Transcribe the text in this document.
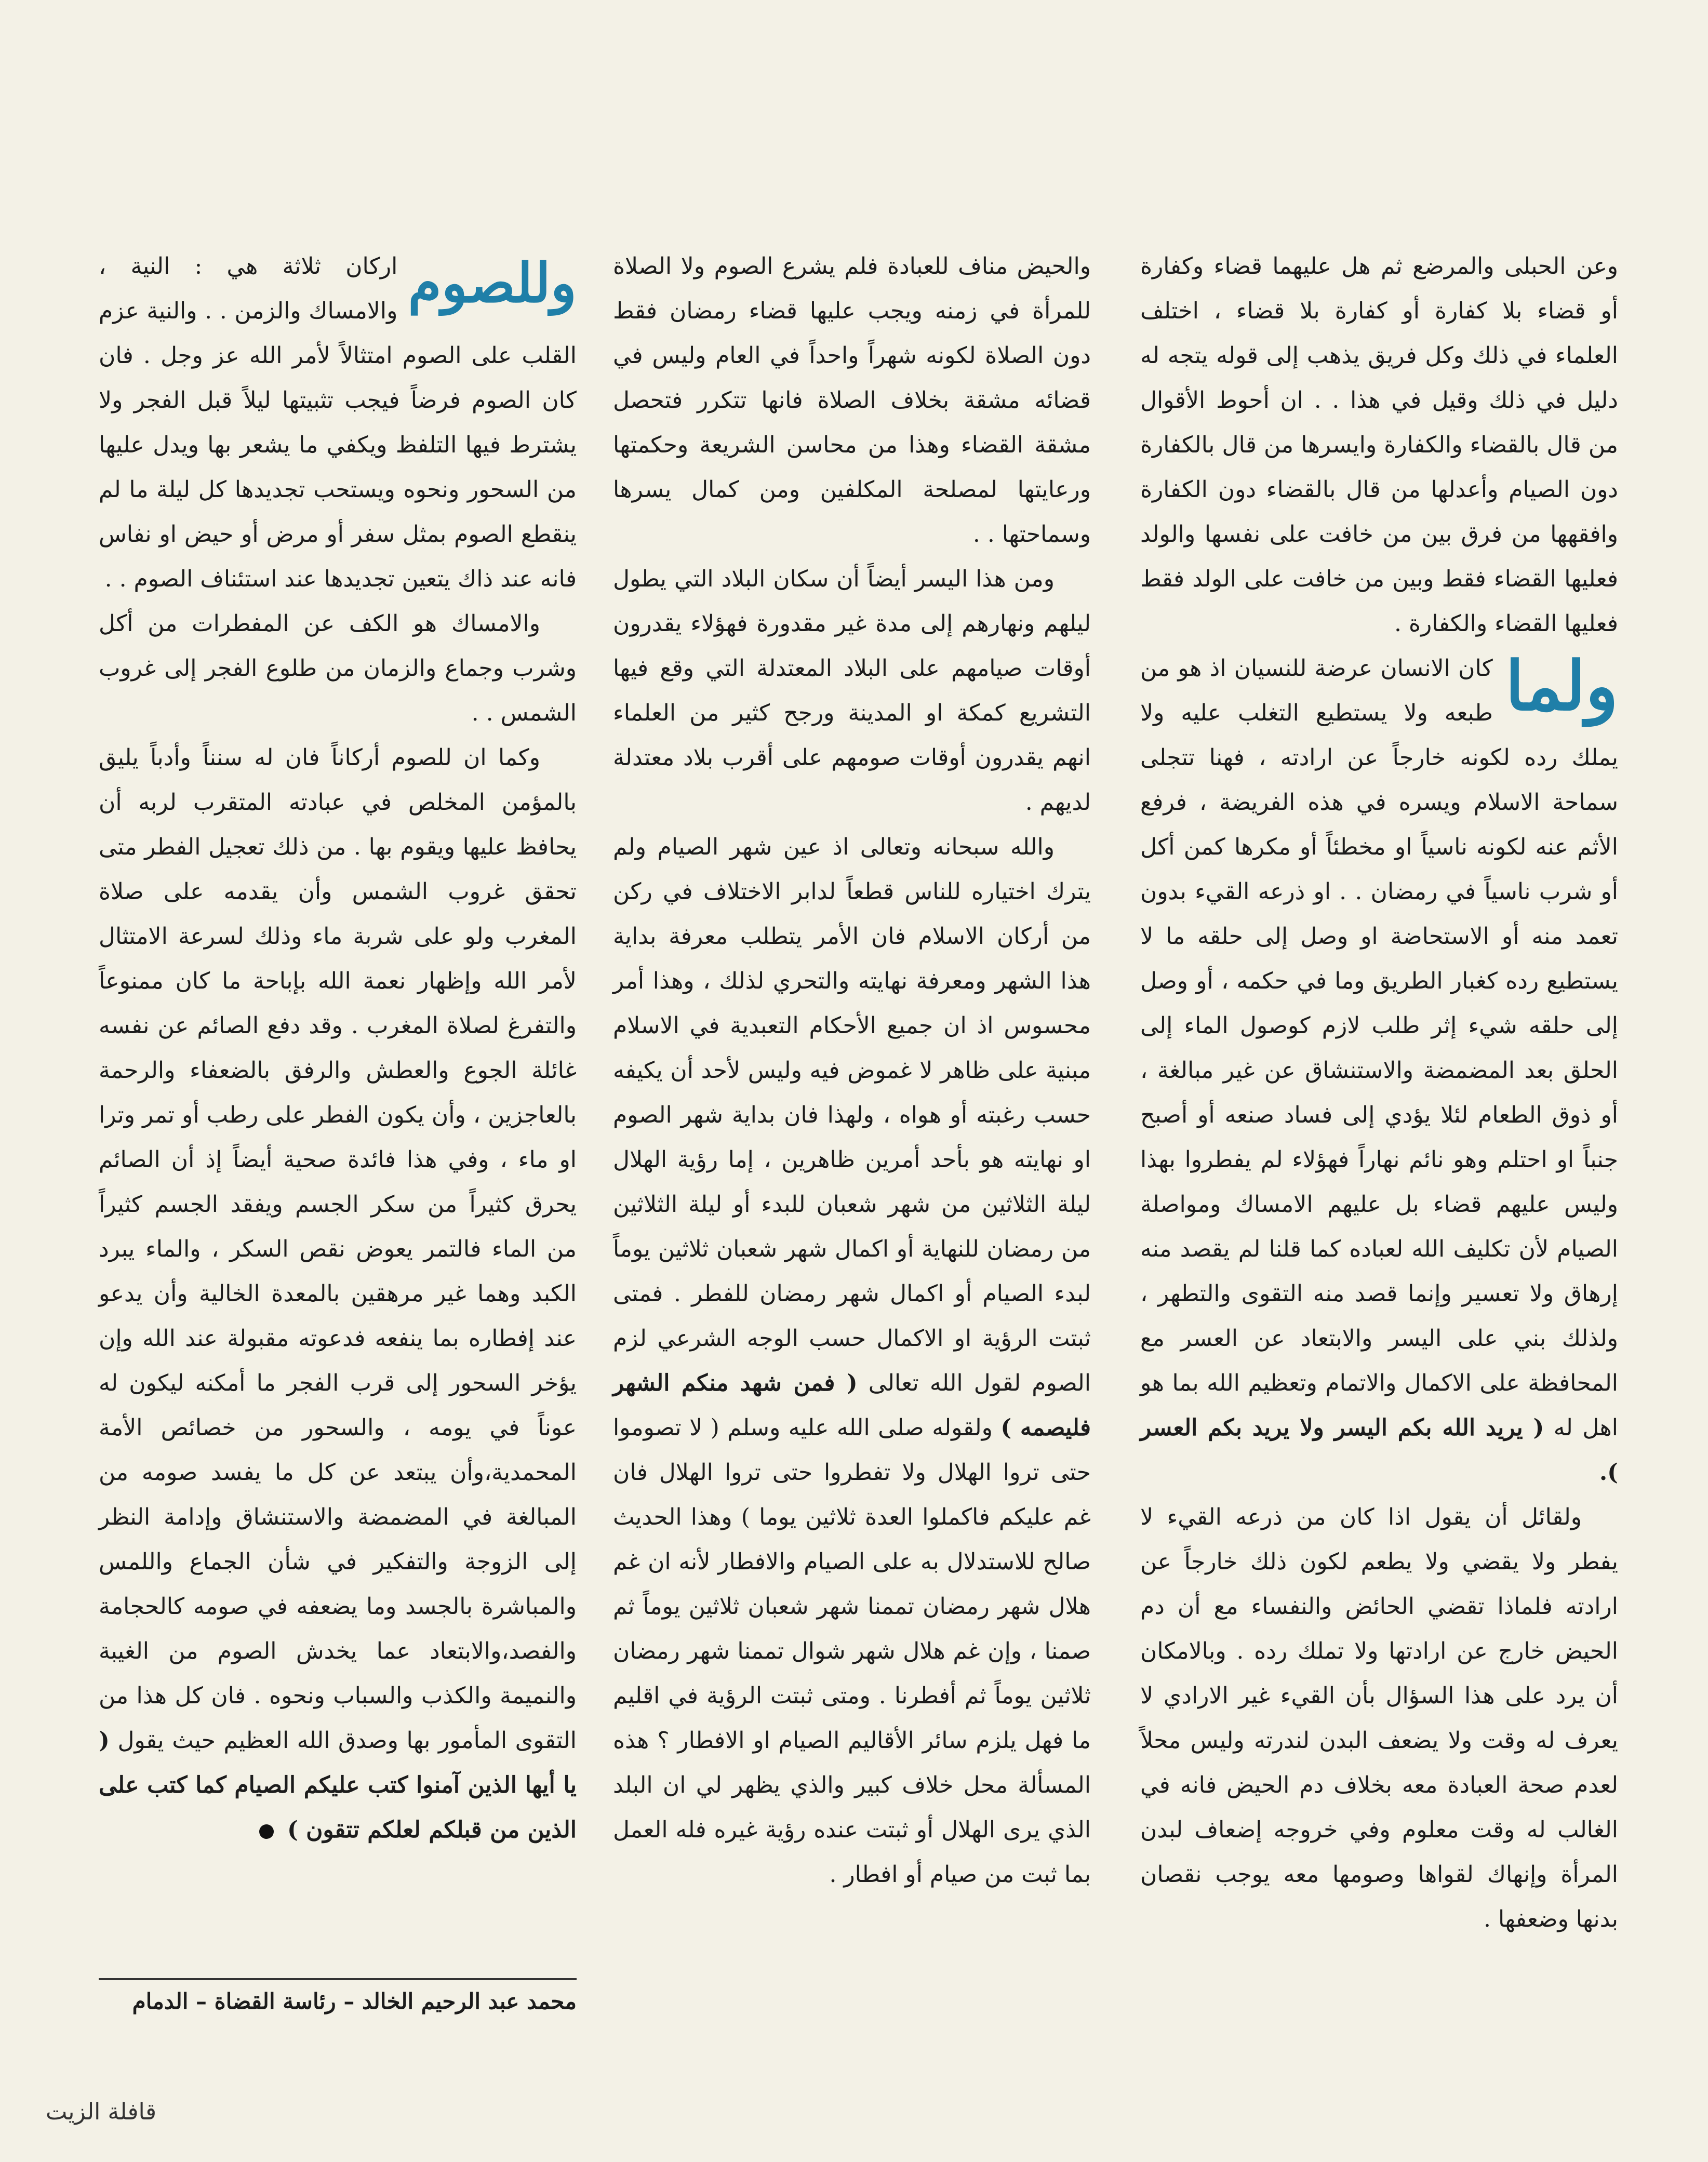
وعن الحبلى والمرضع ثم هل عليهما قضاء وكفارة أو قضاء بلا كفارة أو كفارة بلا قضاء ، اختلف العلماء في ذلك وكل فريق يذهب إلى قوله يتجه له دليل في ذلك وقيل في هذا . . ان أحوط الأقوال من قال بالقضاء والكفارة وايسرها من قال بالكفارة دون الصيام وأعدلها من قال بالقضاء دون الكفارة وافقهها من فرق بين من خافت على نفسها والولد فعليها القضاء فقط وبين من خافت على الولد فقط فعليها القضاء والكفارة .

ولما
كان الانسان عرضة للنسيان اذ هو من طبعه ولا يستطيع التغلب عليه ولا يملك رده لكونه خارجاً عن ارادته ، فهنا تتجلى سماحة الاسلام ويسره في هذه الفريضة ، فرفع الأثم عنه لكونه ناسياً او مخطئاً أو مكرها كمن أكل أو شرب ناسياً في رمضان . . او ذرعه القيء بدون تعمد منه أو الاستحاضة او وصل إلى حلقه ما لا يستطيع رده كغبار الطريق وما في حكمه ، أو وصل إلى حلقه شيء إثر طلب لازم كوصول الماء إلى الحلق بعد المضمضة والاستنشاق عن غير مبالغة ، أو ذوق الطعام لئلا يؤدي إلى فساد صنعه أو أصبح جنباً او احتلم وهو نائم نهاراً فهؤلاء لم يفطروا بهذا وليس عليهم قضاء بل عليهم الامساك ومواصلة الصيام لأن تكليف الله لعباده كما قلنا لم يقصد منه إرهاق ولا تعسير وإنما قصد منه التقوى والتطهر ، ولذلك بني على اليسر والابتعاد عن العسر مع المحافظة على الاكمال والاتمام وتعظيم الله بما هو اهل له ( يريد الله بكم اليسر ولا يريد بكم العسر ).

ولقائل أن يقول اذا كان من ذرعه القيء لا يفطر ولا يقضي ولا يطعم لكون ذلك خارجاً عن ارادته فلماذا تقضي الحائض والنفساء مع أن دم الحيض خارج عن ارادتها ولا تملك رده . وبالامكان أن يرد على هذا السؤال بأن القيء غير الارادي لا يعرف له وقت ولا يضعف البدن لندرته وليس محلاً لعدم صحة العبادة معه بخلاف دم الحيض فانه في الغالب له وقت معلوم وفي خروجه إضعاف لبدن المرأة وإنهاك لقواها وصومها معه يوجب نقصان بدنها وضعفها .

والحيض مناف للعبادة فلم يشرع الصوم ولا الصلاة للمرأة في زمنه ويجب عليها قضاء رمضان فقط دون الصلاة لكونه شهراً واحداً في العام وليس في قضائه مشقة بخلاف الصلاة فانها تتكرر فتحصل مشقة القضاء وهذا من محاسن الشريعة وحكمتها ورعايتها لمصلحة المكلفين ومن كمال يسرها وسماحتها . .

ومن هذا اليسر أيضاً أن سكان البلاد التي يطول ليلهم ونهارهم إلى مدة غير مقدورة فهؤلاء يقدرون أوقات صيامهم على البلاد المعتدلة التي وقع فيها التشريع كمكة او المدينة ورجح كثير من العلماء انهم يقدرون أوقات صومهم على أقرب بلاد معتدلة لديهم .

والله سبحانه وتعالى اذ عين شهر الصيام ولم يترك اختياره للناس قطعاً لدابر الاختلاف في ركن من أركان الاسلام فان الأمر يتطلب معرفة بداية هذا الشهر ومعرفة نهايته والتحري لذلك ، وهذا أمر محسوس اذ ان جميع الأحكام التعبدية في الاسلام مبنية على ظاهر لا غموض فيه وليس لأحد أن يكيفه حسب رغبته أو هواه ، ولهذا فان بداية شهر الصوم او نهايته هو بأحد أمرين ظاهرين ، إما رؤية الهلال ليلة الثلاثين من شهر شعبان للبدء أو ليلة الثلاثين من رمضان للنهاية أو اكمال شهر شعبان ثلاثين يوماً لبدء الصيام أو اكمال شهر رمضان للفطر . فمتى ثبتت الرؤية او الاكمال حسب الوجه الشرعي لزم الصوم لقول الله تعالى ( فمن شهد منكم الشهر فليصمه ) ولقوله صلى الله عليه وسلم ( لا تصوموا حتى تروا الهلال ولا تفطروا حتى تروا الهلال فان غم عليكم فاكملوا العدة ثلاثين يوما ) وهذا الحديث صالح للاستدلال به على الصيام والافطار لأنه ان غم هلال شهر رمضان تممنا شهر شعبان ثلاثين يوماً ثم صمنا ، وإن غم هلال شهر شوال تممنا شهر رمضان ثلاثين يوماً ثم أفطرنا . ومتى ثبتت الرؤية في اقليم ما فهل يلزم سائر الأقاليم الصيام او الافطار ؟ هذه المسألة محل خلاف كبير والذي يظهر لي ان البلد الذي يرى الهلال أو ثبتت عنده رؤية غيره فله العمل بما ثبت من صيام أو افطار .

وللصوم
اركان ثلاثة هي : النية ، والامساك والزمن . . والنية عزم القلب على الصوم امتثالاً لأمر الله عز وجل . فان كان الصوم فرضاً فيجب تثبيتها ليلاً قبل الفجر ولا يشترط فيها التلفظ ويكفي ما يشعر بها ويدل عليها من السحور ونحوه ويستحب تجديدها كل ليلة ما لم ينقطع الصوم بمثل سفر أو مرض أو حيض او نفاس فانه عند ذاك يتعين تجديدها عند استئناف الصوم . .

والامساك هو الكف عن المفطرات من أكل وشرب وجماع والزمان من طلوع الفجر إلى غروب الشمس . .

وكما ان للصوم أركاناً فان له سنناً وأدباً يليق بالمؤمن المخلص في عبادته المتقرب لربه أن يحافظ عليها ويقوم بها . من ذلك تعجيل الفطر متى تحقق غروب الشمس وأن يقدمه على صلاة المغرب ولو على شربة ماء وذلك لسرعة الامتثال لأمر الله وإظهار نعمة الله بإباحة ما كان ممنوعاً والتفرغ لصلاة المغرب . وقد دفع الصائم عن نفسه غائلة الجوع والعطش والرفق بالضعفاء والرحمة بالعاجزين ، وأن يكون الفطر على رطب أو تمر وترا او ماء ، وفي هذا فائدة صحية أيضاً إذ أن الصائم يحرق كثيراً من سكر الجسم ويفقد الجسم كثيراً من الماء فالتمر يعوض نقص السكر ، والماء يبرد الكبد وهما غير مرهقين بالمعدة الخالية وأن يدعو عند إفطاره بما ينفعه فدعوته مقبولة عند الله وإن يؤخر السحور إلى قرب الفجر ما أمكنه ليكون له عوناً في يومه ، والسحور من خصائص الأمة المحمدية،وأن يبتعد عن كل ما يفسد صومه من المبالغة في المضمضة والاستنشاق وإدامة النظر إلى الزوجة والتفكير في شأن الجماع واللمس والمباشرة بالجسد وما يضعفه في صومه كالحجامة والفصد،والابتعاد عما يخدش الصوم من الغيبة والنميمة والكذب والسباب ونحوه . فان كل هذا من التقوى المأمور بها وصدق الله العظيم حيث يقول ( يا أيها الذين آمنوا كتب عليكم الصيام كما كتب على الذين من قبلكم لعلكم تتقون )

محمد عبد الرحيم الخالد – رئاسة القضاة – الدمام
قافلة الزيت
